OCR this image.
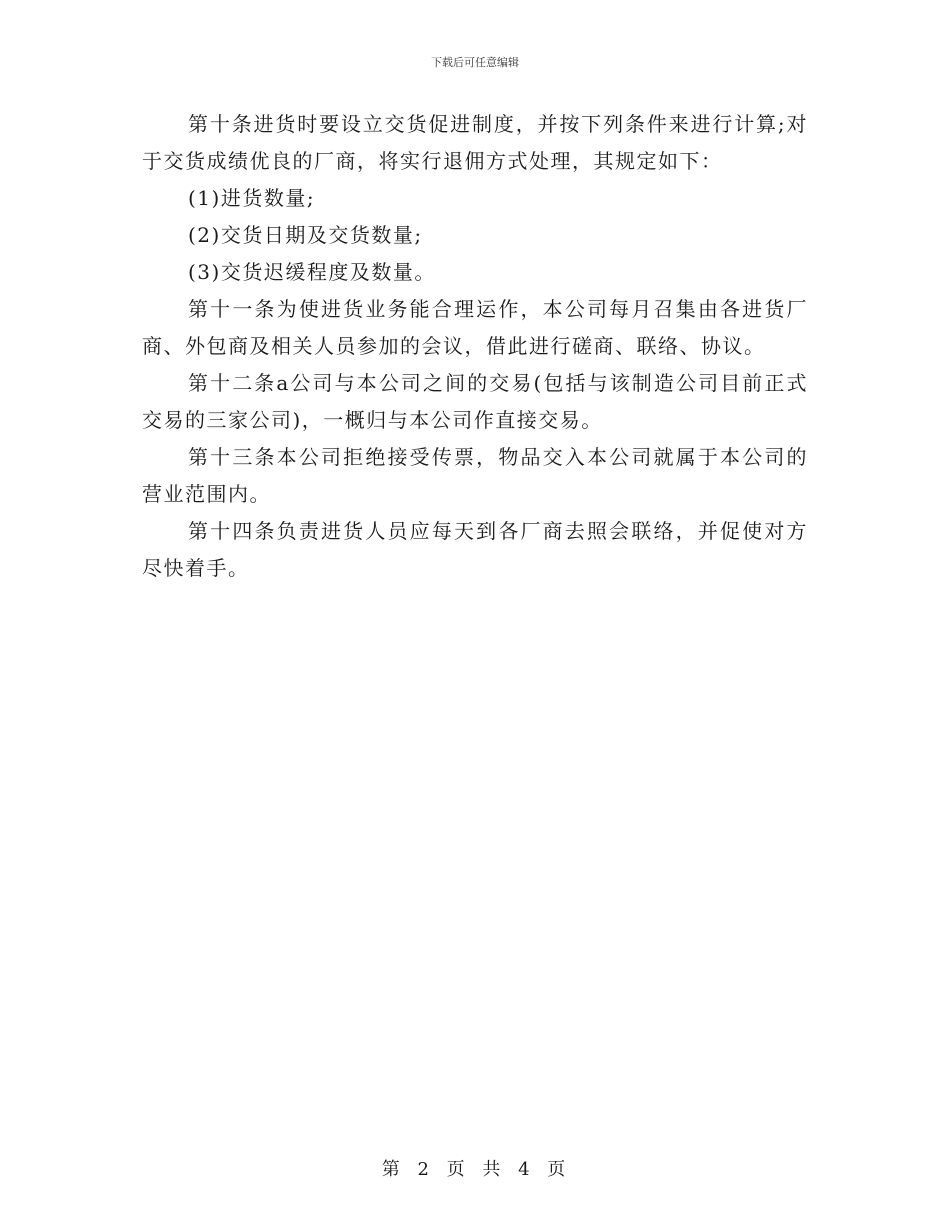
下载后可任意编辑

第十条进货时要设立交货促进制度，并按下列条件来进行计算;对于交货成绩优良的厂商，将实行退佣方式处理，其规定如下：

(1)进货数量;

(2)交货日期及交货数量;

(3)交货迟缓程度及数量。

第十一条为使进货业务能合理运作，本公司每月召集由各进货厂商、外包商及相关人员参加的会议，借此进行磋商、联络、协议。

第十二条a公司与本公司之间的交易(包括与该制造公司目前正式交易的三家公司)，一概归与本公司作直接交易。

第十三条本公司拒绝接受传票，物品交入本公司就属于本公司的营业范围内。

第十四条负责进货人员应每天到各厂商去照会联络，并促使对方尽快着手。

第 2 页 共 4 页
